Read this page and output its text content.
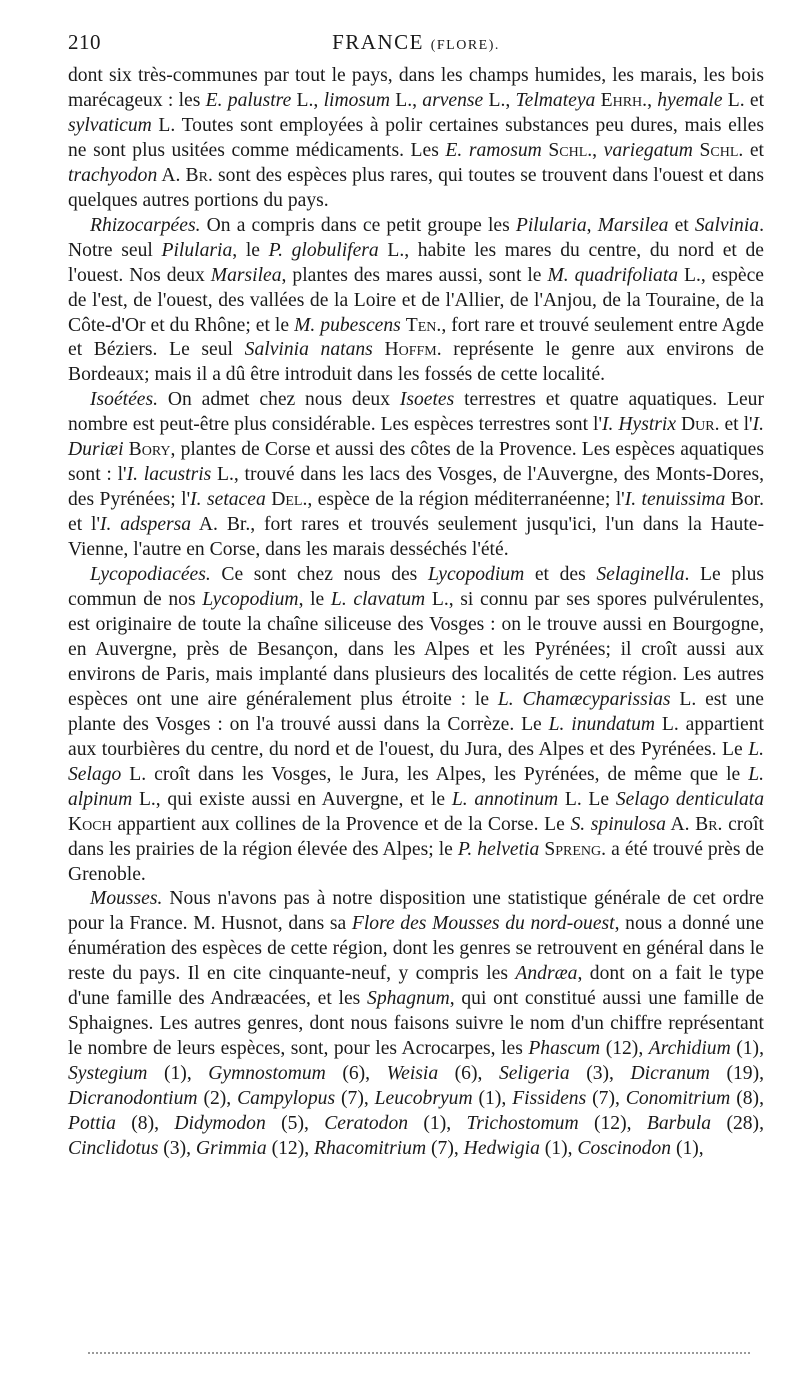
210	FRANCE (FLORE).

dont six très-communes par tout le pays, dans les champs humides, les marais, les bois marécageux : les E. palustre L., limosum L., arvense L., Telmateya Ehrh., hyemale L. et sylvaticum L. Toutes sont employées à polir certaines substances peu dures, mais elles ne sont plus usitées comme médicaments. Les E. ramosum Schl., variegatum Schl. et trachyodon A. Br. sont des espèces plus rares, qui toutes se trouvent dans l'ouest et dans quelques autres portions du pays.

Rhizocarpées. On a compris dans ce petit groupe les Pilularia, Marsilea et Salvinia. Notre seul Pilularia, le P. globulifera L., habite les mares du centre, du nord et de l'ouest. Nos deux Marsilea, plantes des mares aussi, sont le M. quadrifoliata L., espèce de l'est, de l'ouest, des vallées de la Loire et de l'Allier, de l'Anjou, de la Touraine, de la Côte-d'Or et du Rhône; et le M. pubescens Ten., fort rare et trouvé seulement entre Agde et Béziers. Le seul Salvinia natans Hoffm. représente le genre aux environs de Bordeaux; mais il a dû être introduit dans les fossés de cette localité.

Isoétées. On admet chez nous deux Isoetes terrestres et quatre aquatiques. Leur nombre est peut-être plus considérable. Les espèces terrestres sont l'I. Hystrix Dur. et l'I. Duriæi Bory, plantes de Corse et aussi des côtes de la Provence. Les espèces aquatiques sont : l'I. lacustris L., trouvé dans les lacs des Vosges, de l'Auvergne, des Monts-Dores, des Pyrénées; l'I. setacea Del., espèce de la région méditerranéenne; l'I. tenuissima Bor. et l'I. adspersa A. Br., fort rares et trouvés seulement jusqu'ici, l'un dans la Haute-Vienne, l'autre en Corse, dans les marais desséchés l'été.

Lycopodiacées. Ce sont chez nous des Lycopodium et des Selaginella. Le plus commun de nos Lycopodium, le L. clavatum L., si connu par ses spores pulvérulentes, est originaire de toute la chaîne siliceuse des Vosges : on le trouve aussi en Bourgogne, en Auvergne, près de Besançon, dans les Alpes et les Pyrénées; il croît aussi aux environs de Paris, mais implanté dans plusieurs des localités de cette région. Les autres espèces ont une aire généralement plus étroite : le L. Chamæcyparissias L. est une plante des Vosges : on l'a trouvé aussi dans la Corrèze. Le L. inundatum L. appartient aux tourbières du centre, du nord et de l'ouest, du Jura, des Alpes et des Pyrénées. Le L. Selago L. croît dans les Vosges, le Jura, les Alpes, les Pyrénées, de même que le L. alpinum L., qui existe aussi en Auvergne, et le L. annotinum L. Le Selago denticulata Koch appartient aux collines de la Provence et de la Corse. Le S. spinulosa A. Br. croît dans les prairies de la région élevée des Alpes; le P. helvetia Spreng. a été trouvé près de Grenoble.

Mousses. Nous n'avons pas à notre disposition une statistique générale de cet ordre pour la France. M. Husnot, dans sa Flore des Mousses du nord-ouest, nous a donné une énumération des espèces de cette région, dont les genres se retrouvent en général dans le reste du pays. Il en cite cinquante-neuf, y compris les Andræa, dont on a fait le type d'une famille des Andræacées, et les Sphagnum, qui ont constitué aussi une famille de Sphaignes. Les autres genres, dont nous faisons suivre le nom d'un chiffre représentant le nombre de leurs espèces, sont, pour les Acrocarpes, les Phascum (12), Archidium (1), Systegium (1), Gymnostomum (6), Weisia (6), Seligeria (3), Dicranum (19), Dicranodontium (2), Campylopus (7), Leucobryum (1), Fissidens (7), Conomitrium (8), Pottia (8), Didymodon (5), Ceratodon (1), Trichostomum (12), Barbula (28), Cinclidotus (3), Grimmia (12), Rhacomitrium (7), Hedwigia (1), Coscinodon (1),
